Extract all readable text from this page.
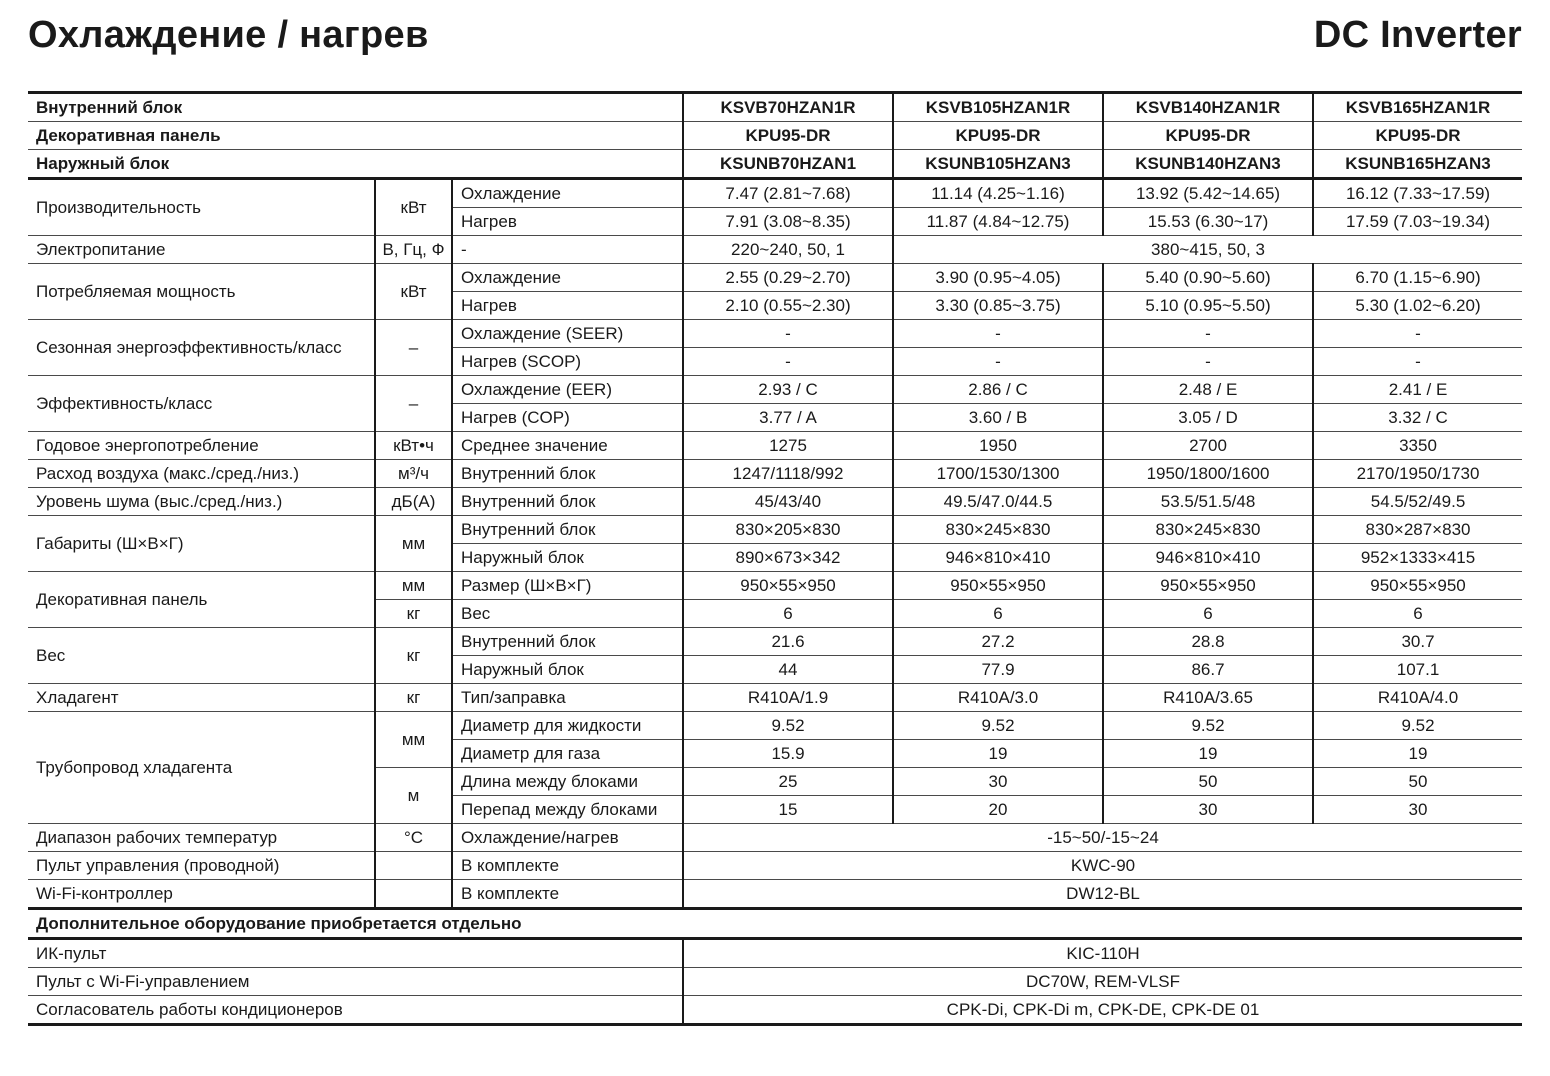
Охлаждение / нагрев	DC Inverter
Внутренний блок			KSVB70HZAN1R	KSVB105HZAN1R	KSVB140HZAN1R	KSVB165HZAN1R
Декоративная панель			KPU95-DR	KPU95-DR	KPU95-DR	KPU95-DR
Наружный блок			KSUNB70HZAN1	KSUNB105HZAN3	KSUNB140HZAN3	KSUNB165HZAN3
Производительность	кВт	Охлаждение	7.47 (2.81~7.68)	11.14 (4.25~1.16)	13.92 (5.42~14.65)	16.12 (7.33~17.59)
		Нагрев	7.91 (3.08~8.35)	11.87 (4.84~12.75)	15.53 (6.30~17)	17.59 (7.03~19.34)
Электропитание	В, Гц, Ф	-	220~240, 50, 1	380~415, 50, 3		
Потребляемая мощность	кВт	Охлаждение	2.55 (0.29~2.70)	3.90 (0.95~4.05)	5.40 (0.90~5.60)	6.70 (1.15~6.90)
		Нагрев	2.10 (0.55~2.30)	3.30 (0.85~3.75)	5.10 (0.95~5.50)	5.30 (1.02~6.20)
Сезонная энергоэффективность/класс	–	Охлаждение (SEER)	-	-	-	-
		Нагрев (SCOP)	-	-	-	-
Эффективность/класс	–	Охлаждение (EER)	2.93 / C	2.86 / C	2.48 / E	2.41 / E
		Нагрев (COP)	3.77 / A	3.60 / B	3.05 / D	3.32 / C
Годовое энергопотребление	кВт•ч	Среднее значение	1275	1950	2700	3350
Расход воздуха (макс./сред./низ.)	м³/ч	Внутренний блок	1247/1118/992	1700/1530/1300	1950/1800/1600	2170/1950/1730
Уровень шума (выс./сред./низ.)	дБ(А)	Внутренний блок	45/43/40	49.5/47.0/44.5	53.5/51.5/48	54.5/52/49.5
Габариты (Ш×В×Г)	мм	Внутренний блок	830×205×830	830×245×830	830×245×830	830×287×830
		Наружный блок	890×673×342	946×810×410	946×810×410	952×1333×415
Декоративная панель	мм	Размер (Ш×В×Г)	950×55×950	950×55×950	950×55×950	950×55×950
	кг	Вес	6	6	6	6
Вес	кг	Внутренний блок	21.6	27.2	28.8	30.7
		Наружный блок	44	77.9	86.7	107.1
Хладагент	кг	Тип/заправка	R410A/1.9	R410A/3.0	R410A/3.65	R410A/4.0
Трубопровод хладагента	мм	Диаметр для жидкости	9.52	9.52	9.52	9.52
		Диаметр для газа	15.9	19	19	19
	м	Длина между блоками	25	30	50	50
		Перепад между блоками	15	20	30	30
Диапазон рабочих температур	°C	Охлаждение/нагрев	-15~50/-15~24			
Пульт управления (проводной)		В комплекте	KWC-90			
Wi-Fi-контроллер		В комплекте	DW12-BL			
Дополнительное оборудование приобретается отдельно						
ИК-пульт			KIC-110H			
Пульт с Wi-Fi-управлением			DC70W, REM-VLSF			
Согласователь работы кондиционеров			CPK-Di, CPK-Di m, CPK-DE, CPK-DE 01			
